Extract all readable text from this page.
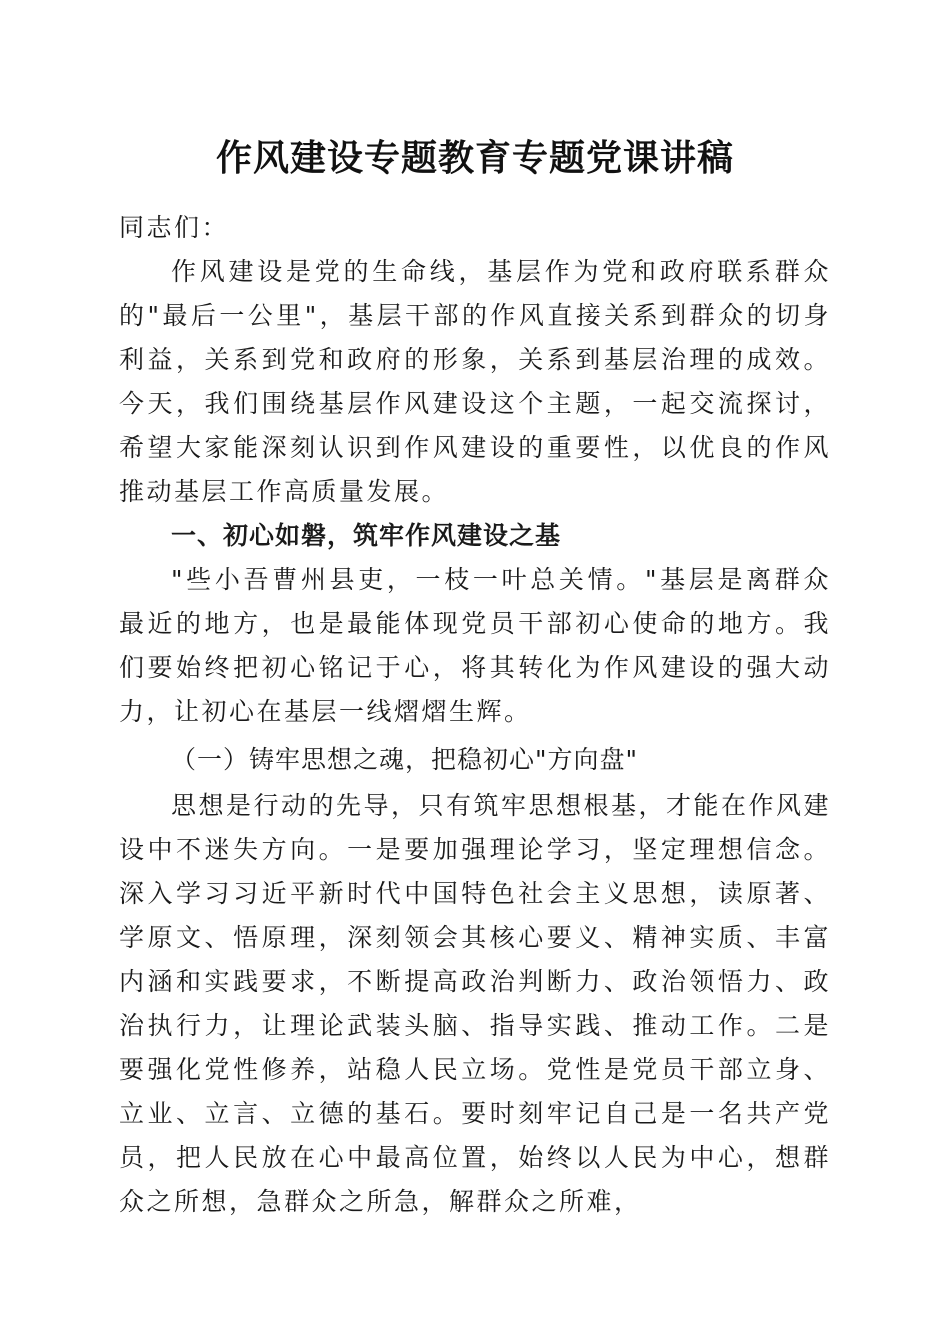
作风建设专题教育专题党课讲稿

同志们：

作风建设是党的生命线，基层作为党和政府联系群众的"最后一公里"，基层干部的作风直接关系到群众的切身利益，关系到党和政府的形象，关系到基层治理的成效。今天，我们围绕基层作风建设这个主题，一起交流探讨，希望大家能深刻认识到作风建设的重要性，以优良的作风推动基层工作高质量发展。

一、初心如磐，筑牢作风建设之基

"些小吾曹州县吏，一枝一叶总关情。"基层是离群众最近的地方，也是最能体现党员干部初心使命的地方。我们要始终把初心铭记于心，将其转化为作风建设的强大动力，让初心在基层一线熠熠生辉。

（一）铸牢思想之魂，把稳初心"方向盘"

思想是行动的先导，只有筑牢思想根基，才能在作风建设中不迷失方向。一是要加强理论学习，坚定理想信念。深入学习习近平新时代中国特色社会主义思想，读原著、学原文、悟原理，深刻领会其核心要义、精神实质、丰富内涵和实践要求，不断提高政治判断力、政治领悟力、政治执行力，让理论武装头脑、指导实践、推动工作。二是要强化党性修养，站稳人民立场。党性是党员干部立身、立业、立言、立德的基石。要时刻牢记自己是一名共产党员，把人民放在心中最高位置，始终以人民为中心，想群众之所想，急群众之所急，解群众之所难，
